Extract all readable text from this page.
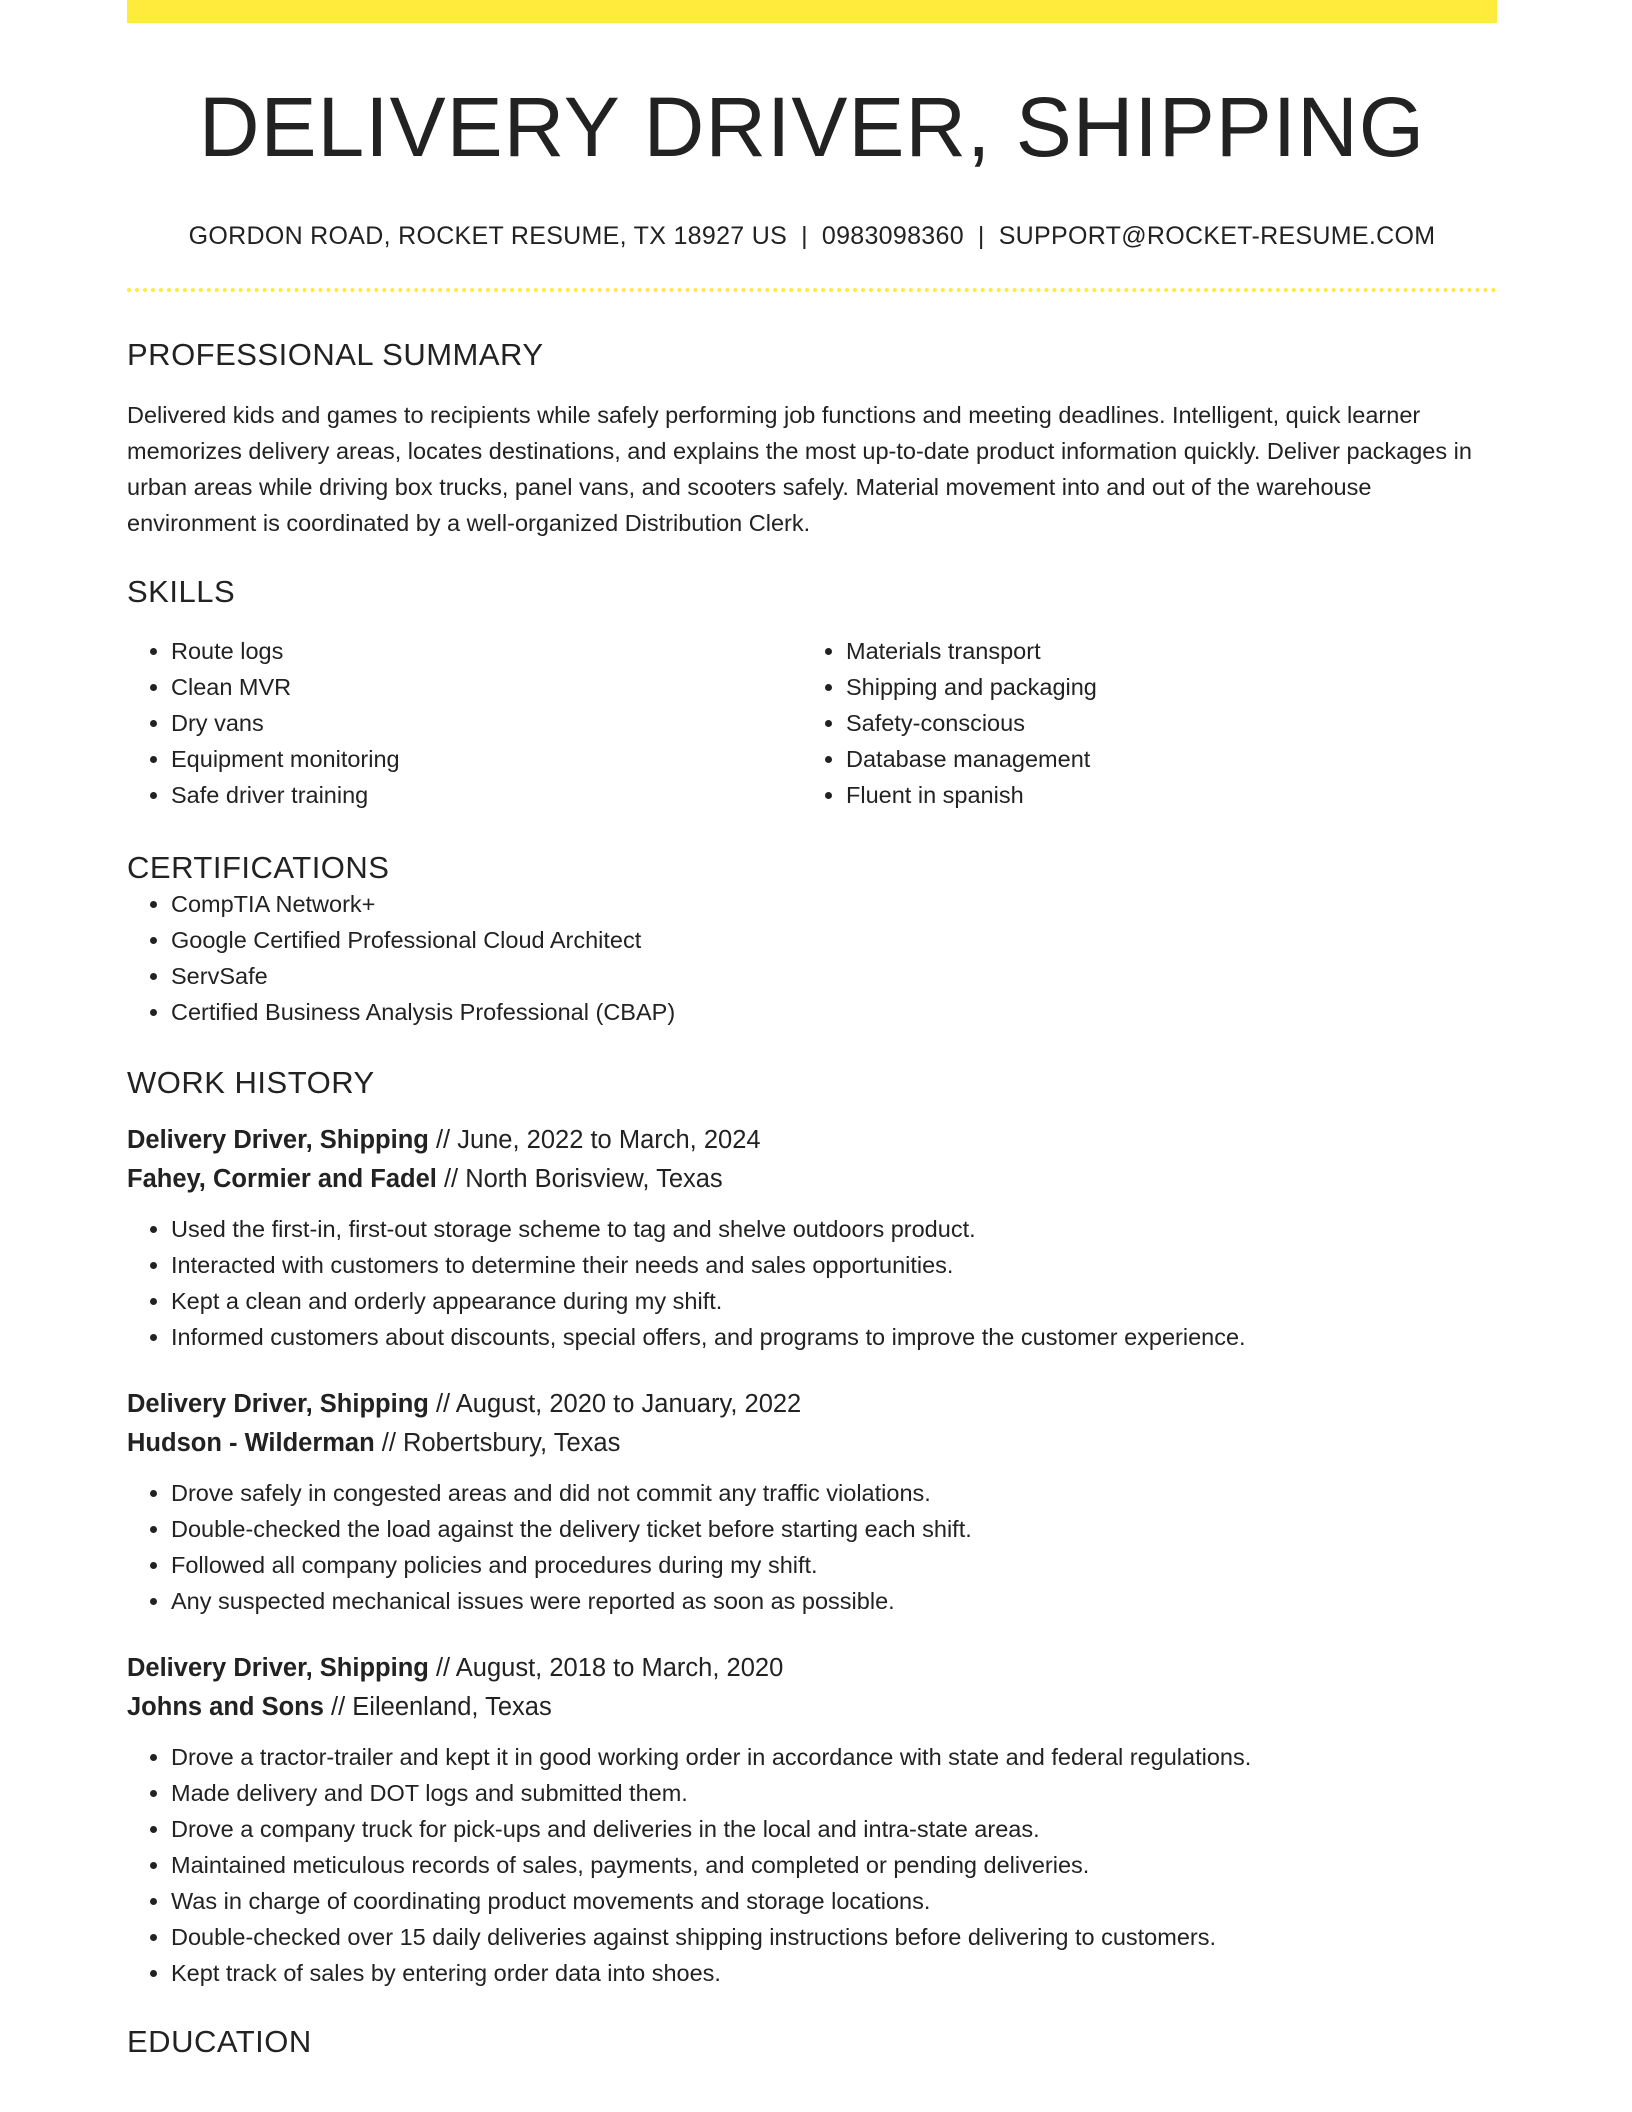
DELIVERY DRIVER, SHIPPING
GORDON ROAD, ROCKET RESUME, TX 18927 US | 0983098360 | SUPPORT@ROCKET-RESUME.COM
PROFESSIONAL SUMMARY

Delivered kids and games to recipients while safely performing job functions and meeting deadlines. Intelligent, quick learner memorizes delivery areas, locates destinations, and explains the most up-to-date product information quickly. Deliver packages in urban areas while driving box trucks, panel vans, and scooters safely. Material movement into and out of the warehouse environment is coordinated by a well-organized Distribution Clerk.

SKILLS
• Route logs
• Clean MVR
• Dry vans
• Equipment monitoring
• Safe driver training
• Materials transport
• Shipping and packaging
• Safety-conscious
• Database management
• Fluent in spanish
CERTIFICATIONS
• CompTIA Network+
• Google Certified Professional Cloud Architect
• ServSafe
• Certified Business Analysis Professional (CBAP)
WORK HISTORY
Delivery Driver, Shipping // June, 2022 to March, 2024
Fahey, Cormier and Fadel // North Borisview, Texas
• Used the first-in, first-out storage scheme to tag and shelve outdoors product.
• Interacted with customers to determine their needs and sales opportunities.
• Kept a clean and orderly appearance during my shift.
• Informed customers about discounts, special offers, and programs to improve the customer experience.
Delivery Driver, Shipping // August, 2020 to January, 2022
Hudson - Wilderman // Robertsbury, Texas
• Drove safely in congested areas and did not commit any traffic violations.
• Double-checked the load against the delivery ticket before starting each shift.
• Followed all company policies and procedures during my shift.
• Any suspected mechanical issues were reported as soon as possible.
Delivery Driver, Shipping // August, 2018 to March, 2020
Johns and Sons // Eileenland, Texas
• Drove a tractor-trailer and kept it in good working order in accordance with state and federal regulations.
• Made delivery and DOT logs and submitted them.
• Drove a company truck for pick-ups and deliveries in the local and intra-state areas.
• Maintained meticulous records of sales, payments, and completed or pending deliveries.
• Was in charge of coordinating product movements and storage locations.
• Double-checked over 15 daily deliveries against shipping instructions before delivering to customers.
• Kept track of sales by entering order data into shoes.
EDUCATION
